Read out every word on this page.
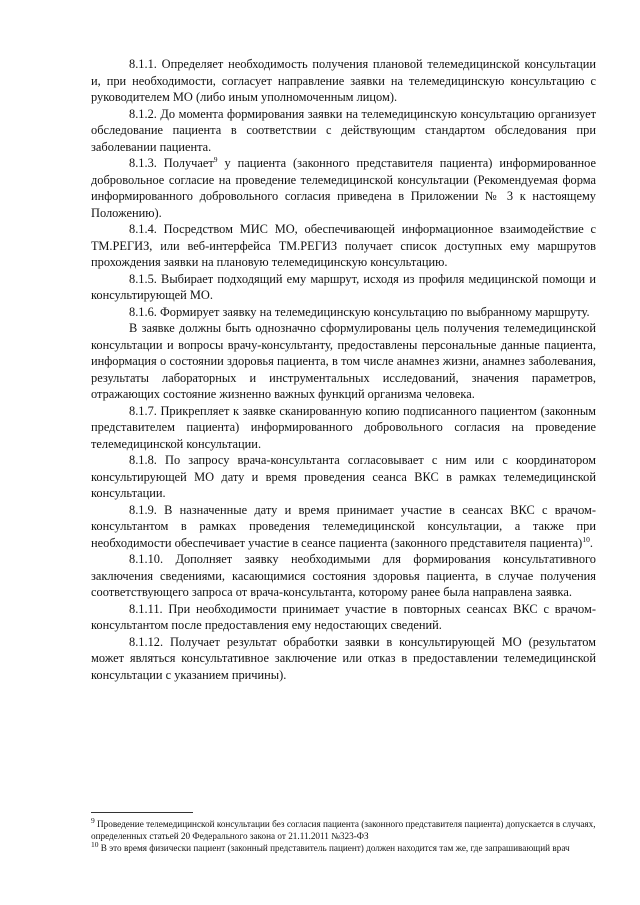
8.1.1. Определяет необходимость получения плановой телемедицинской консультации и, при необходимости, согласует направление заявки на телемедицинскую консультацию с руководителем МО (либо иным уполномоченным лицом).

8.1.2. До момента формирования заявки на телемедицинскую консультацию организует обследование пациента в соответствии с действующим стандартом обследования при заболевании пациента.

8.1.3. Получает$^9$ у пациента (законного представителя пациента) информированное добровольное согласие на проведение телемедицинской консультации (Рекомендуемая форма информированного добровольного согласия приведена в Приложении № 3 к настоящему Положению).

8.1.4. Посредством МИС МО, обеспечивающей информационное взаимодействие с ТМ.РЕГИЗ, или веб-интерфейса ТМ.РЕГИЗ получает список доступных ему маршрутов прохождения заявки на плановую телемедицинскую консультацию.

8.1.5. Выбирает подходящий ему маршрут, исходя из профиля медицинской помощи и консультирующей МО.

8.1.6. Формирует заявку на телемедицинскую консультацию по выбранному маршруту.

В заявке должны быть однозначно сформулированы цель получения телемедицинской консультации и вопросы врачу-консультанту, предоставлены персональные данные пациента, информация о состоянии здоровья пациента, в том числе анамнез жизни, анамнез заболевания, результаты лабораторных и инструментальных исследований, значения параметров, отражающих состояние жизненно важных функций организма человека.

8.1.7. Прикрепляет к заявке сканированную копию подписанного пациентом (законным представителем пациента) информированного добровольного согласия на проведение телемедицинской консультации.

8.1.8. По запросу врача-консультанта согласовывает с ним или с координатором консультирующей МО дату и время проведения сеанса ВКС в рамках телемедицинской консультации.

8.1.9. В назначенные дату и время принимает участие в сеансах ВКС с врачом-консультантом в рамках проведения телемедицинской консультации, а также при необходимости обеспечивает участие в сеансе пациента (законного представителя пациента)$^{10}$.

8.1.10. Дополняет заявку необходимыми для формирования консультативного заключения сведениями, касающимися состояния здоровья пациента, в случае получения соответствующего запроса от врача-консультанта, которому ранее была направлена заявка.

8.1.11. При необходимости принимает участие в повторных сеансах ВКС с врачом-консультантом после предоставления ему недостающих сведений.

8.1.12. Получает результат обработки заявки в консультирующей МО (результатом может являться консультативное заключение или отказ в предоставлении телемедицинской консультации с указанием причины).

$^9$ Проведение телемедицинской консультации без согласия пациента (законного представителя пациента) допускается в случаях, определенных статьей 20 Федерального закона от 21.11.2011 №323-ФЗ

$^{10}$ В это время физически пациент (законный представитель пациент) должен находится там же, где запрашивающий врач
